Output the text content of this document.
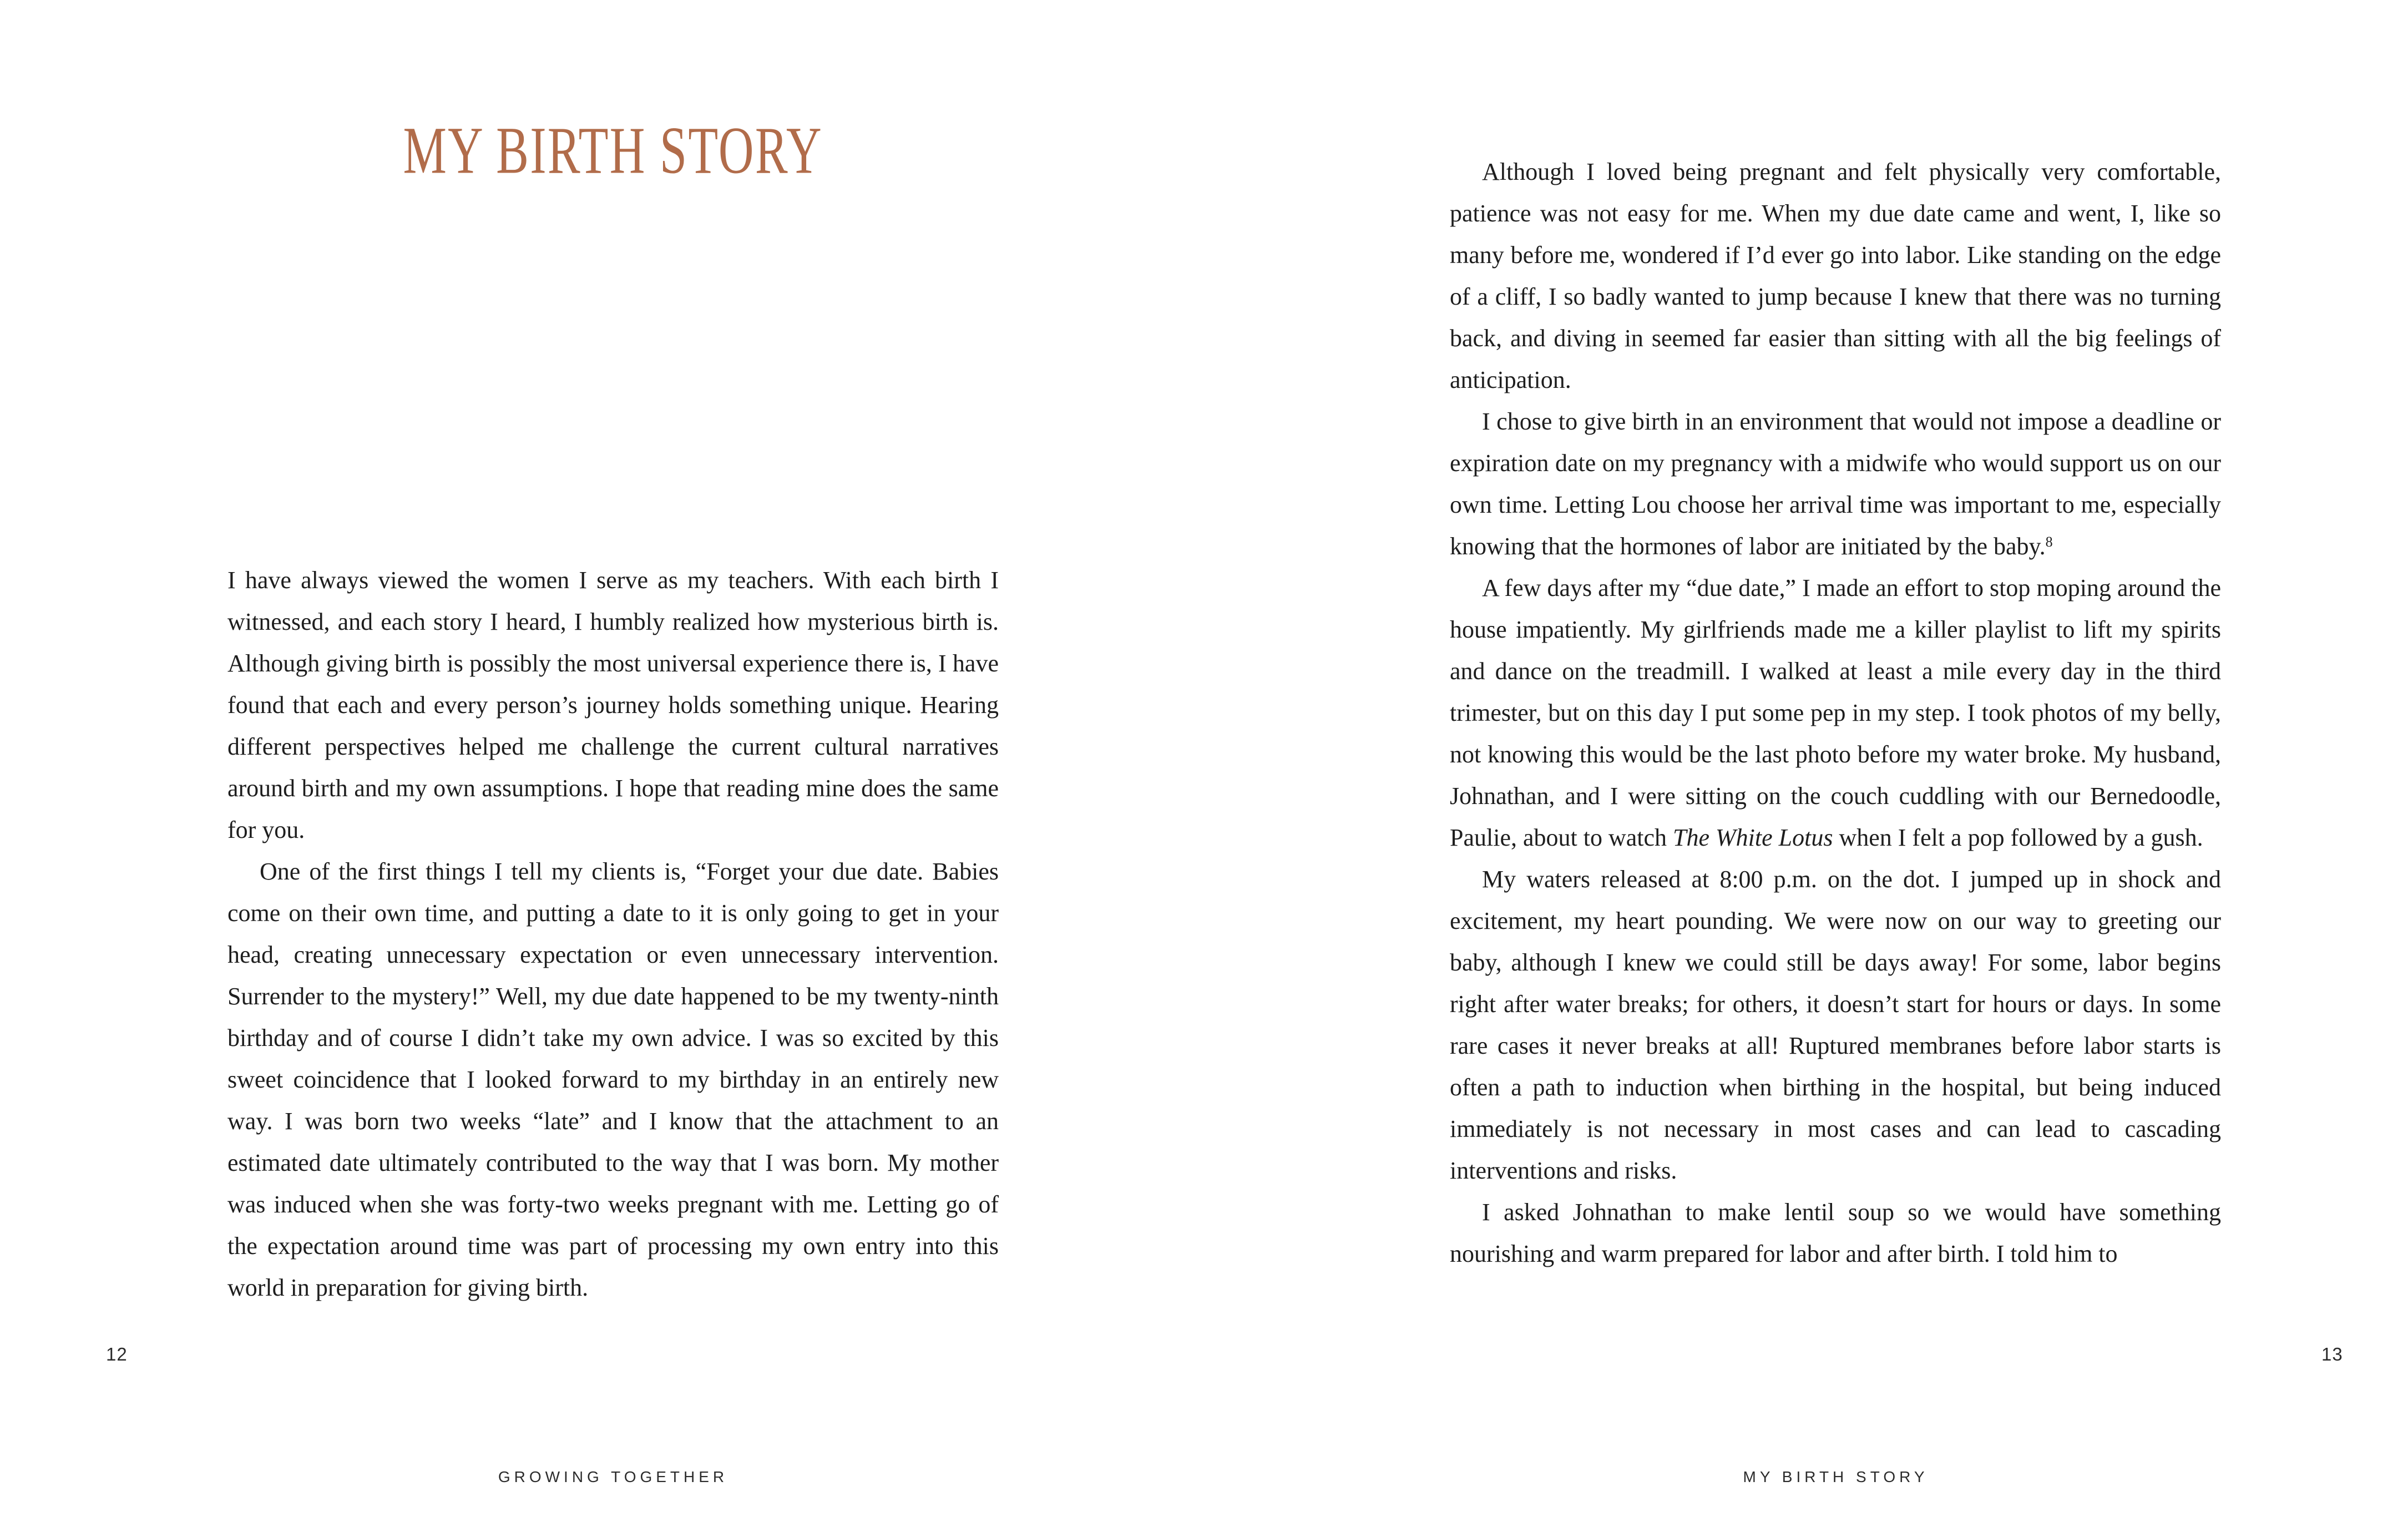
MY BIRTH STORY

I have always viewed the women I serve as my teachers. With each birth I witnessed, and each story I heard, I humbly realized how mysterious birth is. Although giving birth is possibly the most universal experience there is, I have found that each and every person’s journey holds something unique. Hearing different perspectives helped me challenge the current cultural narratives around birth and my own assumptions. I hope that reading mine does the same for you.

One of the first things I tell my clients is, “Forget your due date. Babies come on their own time, and putting a date to it is only going to get in your head, creating unnecessary expectation or even unnecessary intervention. Surrender to the mystery!” Well, my due date happened to be my twenty-ninth birthday and of course I didn’t take my own advice. I was so excited by this sweet coincidence that I looked forward to my birthday in an entirely new way. I was born two weeks “late” and I know that the attachment to an estimated date ultimately contributed to the way that I was born. My mother was induced when she was forty-two weeks pregnant with me. Letting go of the expectation around time was part of processing my own entry into this world in preparation for giving birth.

12
GROWING TOGETHER

Although I loved being pregnant and felt physically very comfortable, patience was not easy for me. When my due date came and went, I, like so many before me, wondered if I’d ever go into labor. Like standing on the edge of a cliff, I so badly wanted to jump because I knew that there was no turning back, and diving in seemed far easier than sitting with all the big feelings of anticipation.

I chose to give birth in an environment that would not impose a deadline or expiration date on my pregnancy with a midwife who would support us on our own time. Letting Lou choose her arrival time was important to me, especially knowing that the hormones of labor are initiated by the baby.$^8$

A few days after my “due date,” I made an effort to stop moping around the house impatiently. My girlfriends made me a killer playlist to lift my spirits and dance on the treadmill. I walked at least a mile every day in the third trimester, but on this day I put some pep in my step. I took photos of my belly, not knowing this would be the last photo before my water broke. My husband, Johnathan, and I were sitting on the couch cuddling with our Bernedoodle, Paulie, about to watch The White Lotus when I felt a pop followed by a gush.

My waters released at 8:00 p.m. on the dot. I jumped up in shock and excitement, my heart pounding. We were now on our way to greeting our baby, although I knew we could still be days away! For some, labor begins right after water breaks; for others, it doesn’t start for hours or days. In some rare cases it never breaks at all! Ruptured membranes before labor starts is often a path to induction when birthing in the hospital, but being induced immediately is not necessary in most cases and can lead to cascading interventions and risks.

I asked Johnathan to make lentil soup so we would have something nourishing and warm prepared for labor and after birth. I told him to

13
MY BIRTH STORY
